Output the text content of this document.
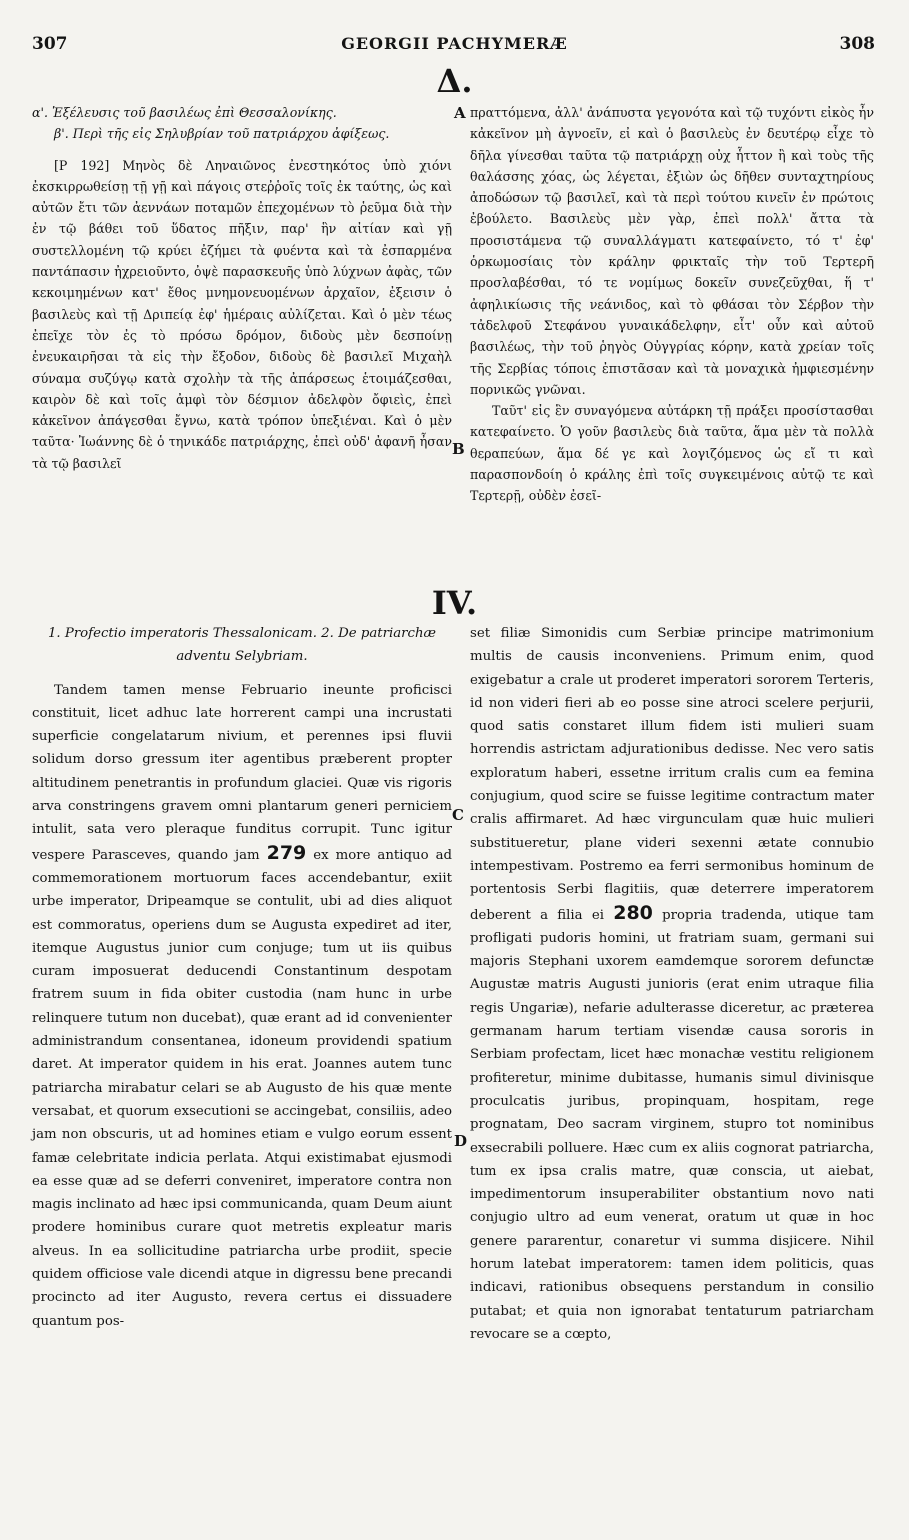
307	GEORGII PACHYMERÆ	308
Δ.

α'. Ἐξέλευσις τοῦ βασιλέως ἐπὶ Θεσσαλονίκης.

β'. Περὶ τῆς εἰς Σηλυβρίαν τοῦ πατριάρχου ἀφίξεως.

[P 192] Μηνὸς δὲ Ληναιῶνος ἐνεστηκότος ὑπὸ χιόνι ἐκσκιρρωθείσῃ τῇ γῇ καὶ πάγοις στεῤῥοῖς τοῖς ἐκ ταύτης, ὡς καὶ αὐτῶν ἔτι τῶν ἀεννάων ποταμῶν ἐπεχομένων τὸ ῥεῦμα διὰ τὴν ἐν τῷ βάθει τοῦ ὕδατος πῆξιν, παρ' ἣν αἰτίαν καὶ γῇ συστελλομένη τῷ κρύει ἐζήμει τὰ φυέντα καὶ τὰ ἐσπαρμένα παντάπασιν ἠχρειοῦντο, ὀψὲ παρασκευῆς ὑπὸ λύχνων ἀφὰς, τῶν κεκοιμημένων κατ' ἔθος μνημονευομένων ἀρχαῖον, ἐξεισιν ὁ βασιλεὺς καὶ τῇ Δριπείᾳ ἐφ' ἡμέραις αὐλίζεται. Καὶ ὁ μὲν τέως ἐπεῖχε τὸν ἐς τὸ πρόσω δρόμον, διδοὺς μὲν δεσποίνῃ ἐνευκαιρῆσαι τὰ εἰς τὴν ἔξοδον, διδοὺς δὲ βασιλεῖ Μιχαὴλ σύναμα συζύγῳ κατὰ σχολὴν τὰ τῆς ἀπάρσεως ἑτοιμάζεσθαι, καιρὸν δὲ καὶ τοῖς ἀμφὶ τὸν δέσμιον ἀδελφὸν ὄφιεὶς, ἐπεὶ κἀκεῖνον ἀπάγεσθαι ἔγνω, κατὰ τρόπον ὑπεξιέναι. Καὶ ὁ μὲν ταῦτα· Ἰωάννης δὲ ὁ τηνικάδε πατριάρχης, ἐπεὶ οὐδ' ἀφανῆ ἦσαν τὰ τῷ βασιλεῖ

πραττόμενα, ἀλλ' ἀνάπυστα γεγονότα καὶ τῷ τυχόντι εἰκὸς ἦν κἀκεῖνον μὴ ἀγνοεῖν, εἰ καὶ ὁ βασιλεὺς ἐν δευτέρῳ εἶχε τὸ δῆλα γίνεσθαι ταῦτα τῷ πατριάρχῃ οὐχ ἧττον ἢ καὶ τοὺς τῆς θαλάσσης χόας, ὡς λέγεται, ἐξιὼν ὡς δῆθεν συνταχτηρίους ἀποδώσων τῷ βασιλεῖ, καὶ τὰ περὶ τούτου κινεῖν ἐν πρώτοις ἐβούλετο. Βασιλεὺς μὲν γὰρ, ἐπεὶ πολλ' ἄττα τὰ προσιστάμενα τῷ συναλλάγματι κατεφαίνετο, τό τ' ἐφ' ὁρκωμοσίαις τὸν κράλην φρικταῖς τὴν τοῦ Τερτερῆ προσλαβέσθαι, τό τε νομίμως δοκεῖν συνεζεῦχθαι, ἥ τ' ἀφηλικίωσις τῆς νεάνιδος, καὶ τὸ φθάσαι τὸν Σέρβον τὴν τἀδελφοῦ Στεφάνου γυναικάδελφην, εἶτ' οὖν καὶ αὐτοῦ βασιλέως, τὴν τοῦ ῥηγὸς Οὐγγρίας κόρην, κατὰ χρείαν τοῖς τῆς Σερβίας τόποις ἐπιστᾶσαν καὶ τὰ μοναχικὰ ἠμφιεσμένην πορνικῶς γνῶναι.

Ταῦτ' εἰς ἓν συναγόμενα αὐτάρκη τῇ πράξει προσίστασθαι κατεφαίνετο. Ὁ γοῦν βασιλεὺς διὰ ταῦτα, ἅμα μὲν τὰ πολλὰ θεραπεύων, ἅμα δέ γε καὶ λογιζόμενος ὡς εἴ τι καὶ παρασπονδοίη ὁ κράλης ἐπὶ τοῖς συγκειμένοις αὐτῷ τε καὶ Τερτερῇ, οὐδὲν ἐσεῖ-

A
B
IV.

1. Profectio imperatoris Thessalonicam. 2. De patriarchæ adventu Selybriam.

Tandem tamen mense Februario ineunte proficisci constituit, licet adhuc late horrerent campi una incrustati superficie congelatarum nivium, et perennes ipsi fluvii solidum dorso gressum iter agentibus præberent propter altitudinem penetrantis in profundum glaciei. Quæ vis rigoris arva constringens gravem omni plantarum generi perniciem intulit, sata vero pleraque funditus corrupit. Tunc igitur vespere Parasceves, quando jam 279 ex more antiquo ad commemorationem mortuorum faces accendebantur, exiit urbe imperator, Dripeamque se contulit, ubi ad dies aliquot est commoratus, operiens dum se Augusta expediret ad iter, itemque Augustus junior cum conjuge; tum ut iis quibus curam imposuerat deducendi Constantinum despotam fratrem suum in fida obiter custodia (nam hunc in urbe relinquere tutum non ducebat), quæ erant ad id convenienter administrandum consentanea, idoneum providendi spatium daret. At imperator quidem in his erat. Joannes autem tunc patriarcha mirabatur celari se ab Augusto de his quæ mente versabat, et quorum exsecutioni se accingebat, consiliis, adeo jam non obscuris, ut ad homines etiam e vulgo eorum essent famæ celebritate indicia perlata. Atqui existimabat ejusmodi ea esse quæ ad se deferri conveniret, imperatore contra non magis inclinato ad hæc ipsi communicanda, quam Deum aiunt prodere hominibus curare quot metretis expleatur maris alveus. In ea sollicitudine patriarcha urbe prodiit, specie quidem officiose vale dicendi atque in digressu bene precandi procincto ad iter Augusto, revera certus ei dissuadere quantum pos-

set filiæ Simonidis cum Serbiæ principe matrimonium multis de causis inconveniens. Primum enim, quod exigebatur a crale ut proderet imperatori sororem Terteris, id non videri fieri ab eo posse sine atroci scelere perjurii, quod satis constaret illum fidem isti mulieri suam horrendis astrictam adjurationibus dedisse. Nec vero satis exploratum haberi, essetne irritum cralis cum ea femina conjugium, quod scire se fuisse legitime contractum mater cralis affirmaret. Ad hæc virgunculam quæ huic mulieri substitueretur, plane videri sexenni ætate connubio intempestivam. Postremo ea ferri sermonibus hominum de portentosis Serbi flagitiis, quæ deterrere imperatorem deberent a filia ei 280 propria tradenda, utique tam profligati pudoris homini, ut fratriam suam, germani sui majoris Stephani uxorem eamdemque sororem defunctæ Augustæ matris Augusti junioris (erat enim utraque filia regis Ungariæ), nefarie adulterasse diceretur, ac præterea germanam harum tertiam visendæ causa sororis in Serbiam profectam, licet hæc monachæ vestitu religionem profiteretur, minime dubitasse, humanis simul divinisque proculcatis juribus, propinquam, hospitam, rege prognatam, Deo sacram virginem, stupro tot nominibus exsecrabili polluere. Hæc cum ex aliis cognorat patriarcha, tum ex ipsa cralis matre, quæ conscia, ut aiebat, impedimentorum insuperabiliter obstantium novo nati conjugio ultro ad eum venerat, oratum ut quæ in hoc genere pararentur, conaretur vi summa disjicere. Nihil horum latebat imperatorem: tamen idem politicis, quas indicavi, rationibus obsequens perstandum in consilio putabat; et quia non ignorabat tentaturum patriarcham revocare se a cœpto,

C
D
